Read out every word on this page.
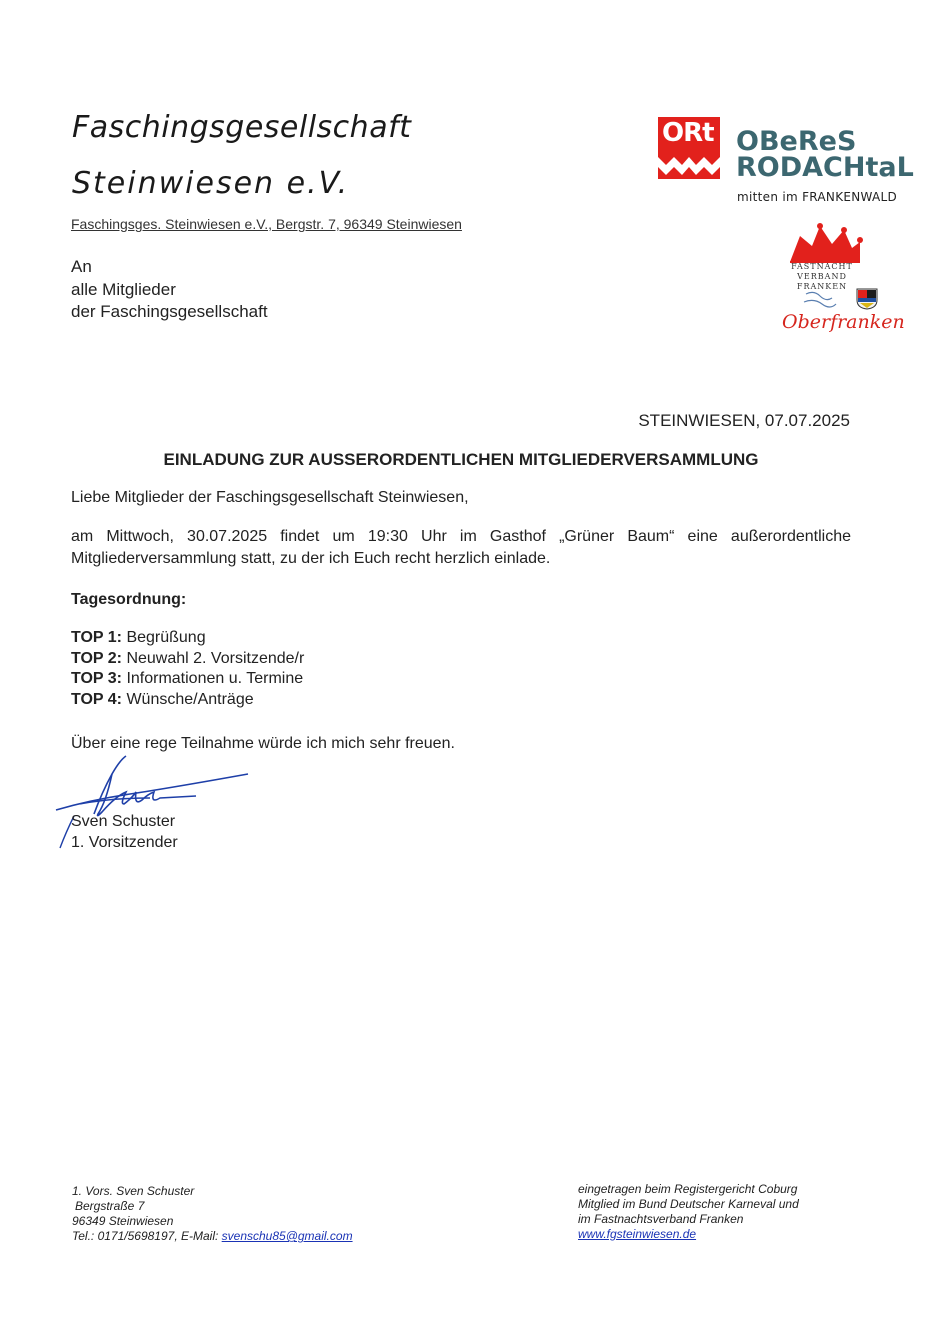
Faschingsgesellschaft
Steinwiesen e.V.
Faschingsges. Steinwiesen e.V., Bergstr. 7, 96349 Steinwiesen
ORt OBeReS
RODACHtaL
mitten im FRANKENWALD
FASTNACHT
VERBAND
FRANKEN
Oberfranken
An
alle Mitglieder
der Faschingsgesellschaft
STEINWIESEN, 07.07.2025
EINLADUNG ZUR AUSSERORDENTLICHEN MITGLIEDERVERSAMMLUNG
Liebe Mitglieder der Faschingsgesellschaft Steinwiesen,
am Mittwoch, 30.07.2025 findet um 19:30 Uhr im Gasthof „Grüner Baum“ eine außerordentliche
Mitgliederversammlung statt, zu der ich Euch recht herzlich einlade.
Tagesordnung:
TOP 1: Begrüßung
TOP 2: Neuwahl 2. Vorsitzende/r
TOP 3: Informationen u. Termine
TOP 4: Wünsche/Anträge
Über eine rege Teilnahme würde ich mich sehr freuen.
Sven Schuster
1. Vorsitzender
1. Vors. Sven Schuster
Bergstraße 7
96349 Steinwiesen
Tel.: 0171/5698197, E-Mail: svenschu85@gmail.com
eingetragen beim Registergericht Coburg
Mitglied im Bund Deutscher Karneval und
im Fastnachtsverband Franken
www.fgsteinwiesen.de
